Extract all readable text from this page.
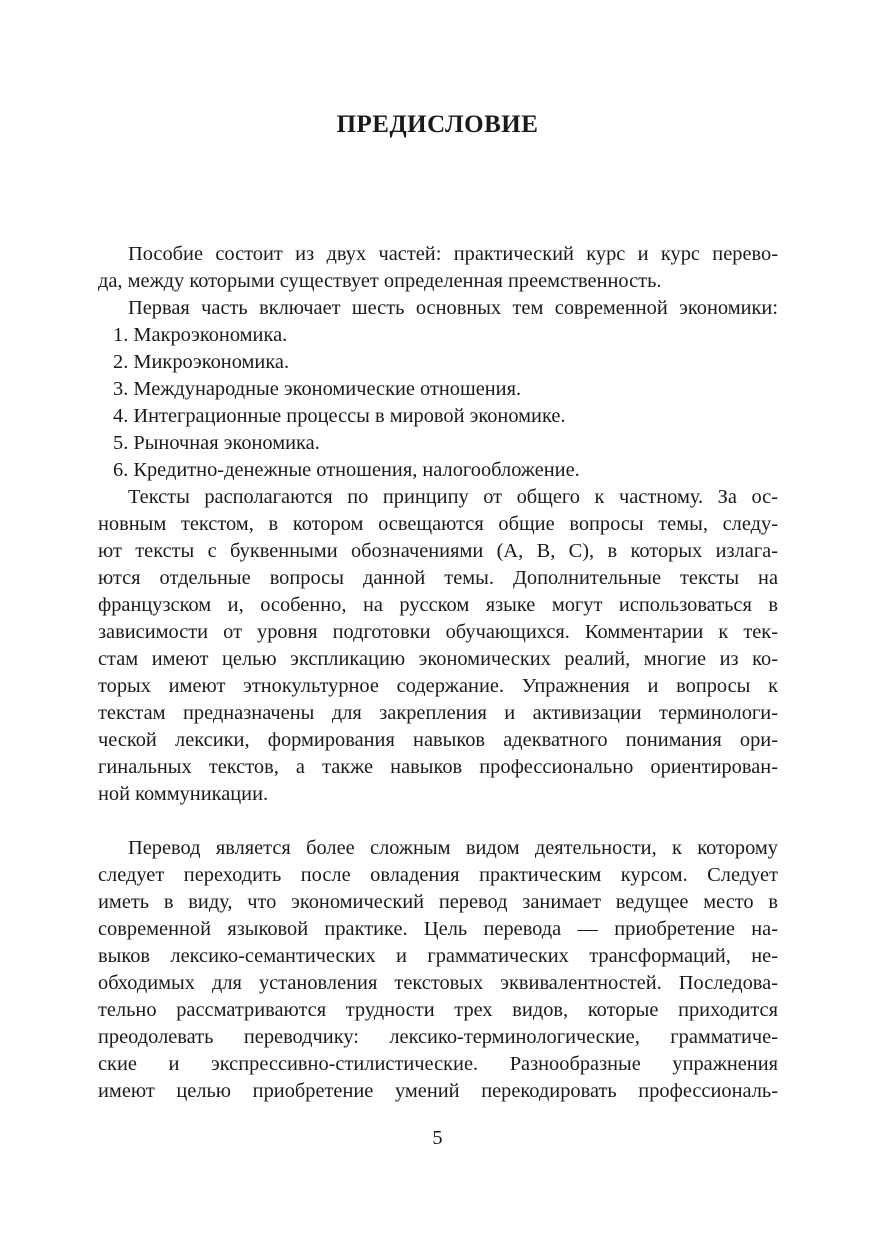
ПРЕДИСЛОВИЕ
Пособие состоит из двух частей: практический курс и курс перево-
да, между которыми существует определенная преемственность.
Первая часть включает шесть основных тем современной экономики:
1. Макроэкономика.
2. Микроэкономика.
3. Международные экономические отношения.
4. Интеграционные процессы в мировой экономике.
5. Рыночная экономика.
6. Кредитно-денежные отношения, налогообложение.
Тексты располагаются по принципу от общего к частному. За ос-
новным текстом, в котором освещаются общие вопросы темы, следу-
ют тексты с буквенными обозначениями (A, B, C), в которых излага-
ются отдельные вопросы данной темы. Дополнительные тексты на
французском и, особенно, на русском языке могут использоваться в
зависимости от уровня подготовки обучающихся. Комментарии к тек-
стам имеют целью экспликацию экономических реалий, многие из ко-
торых имеют этнокультурное содержание. Упражнения и вопросы к
текстам предназначены для закрепления и активизации терминологи-
ческой лексики, формирования навыков адекватного понимания ори-
гинальных текстов, а также навыков профессионально ориентирован-
ной коммуникации.
Перевод является более сложным видом деятельности, к которому
следует переходить после овладения практическим курсом. Следует
иметь в виду, что экономический перевод занимает ведущее место в
современной языковой практике. Цель перевода — приобретение на-
выков лексико-семантических и грамматических трансформаций, не-
обходимых для установления текстовых эквивалентностей. Последова-
тельно рассматриваются трудности трех видов, которые приходится
преодолевать переводчику: лексико-терминологические, грамматиче-
ские и экспрессивно-стилистические. Разнообразные упражнения
имеют целью приобретение умений перекодировать профессиональ-
5
